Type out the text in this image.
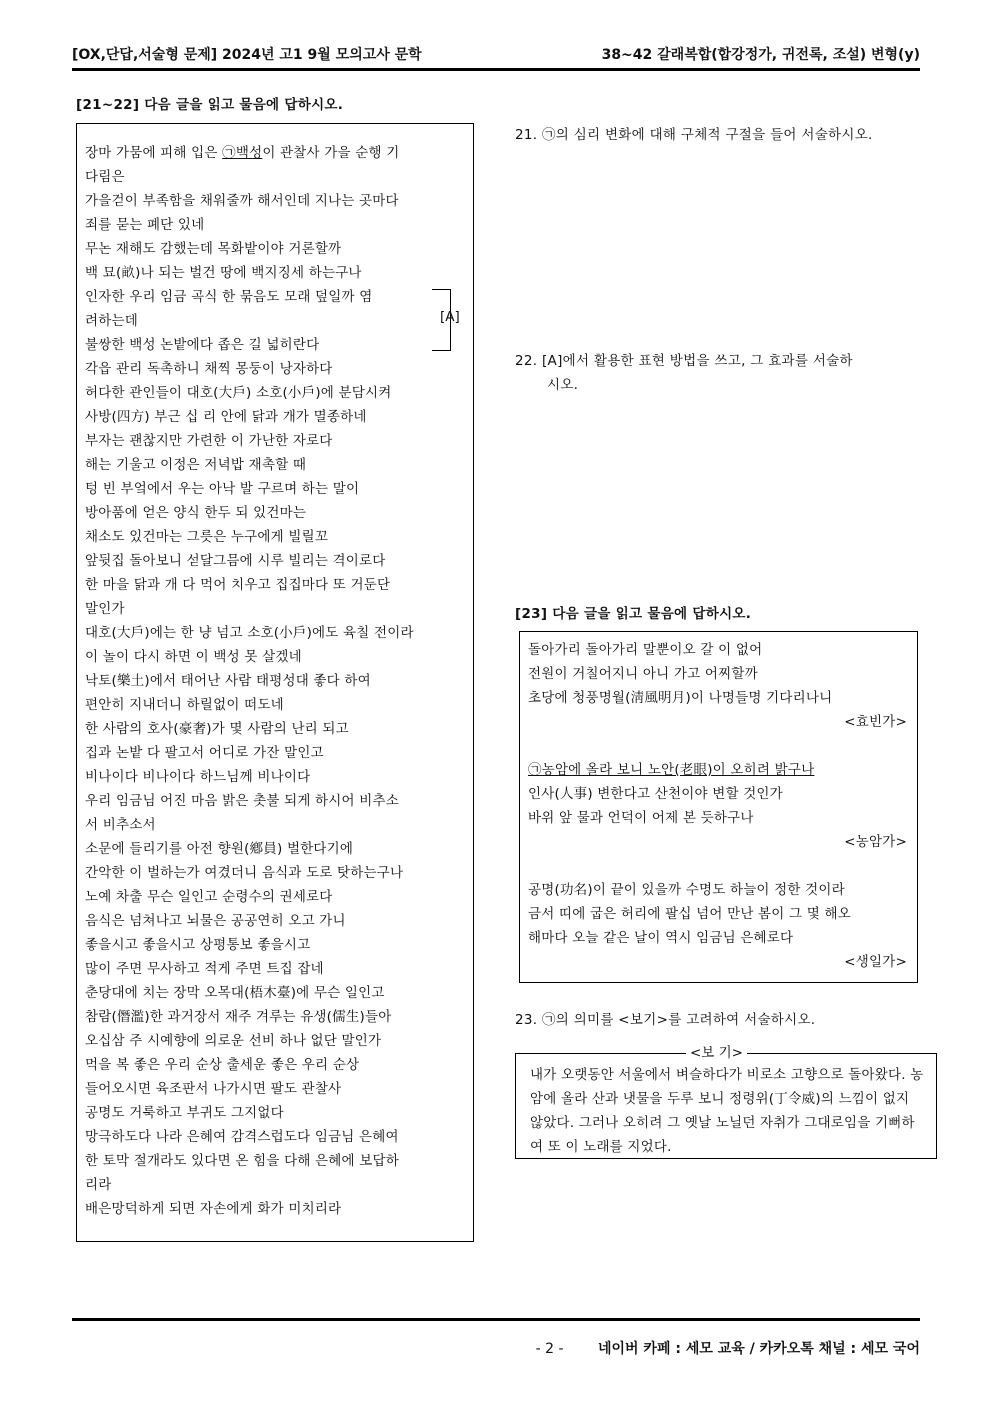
[OX,단답,서술형 문제] 2024년 고1 9월 모의고사 문학	38~42 갈래복합(합강정가, 귀전록, 조설) 변형(y)
[21~22] 다음 글을 읽고 물음에 답하시오.
장마 가뭄에 피해 입은 ㉠백성이 관찰사 가을 순행 기
다림은
가을걷이 부족함을 채워줄까 해서인데 지나는 곳마다
죄를 묻는 폐단 있네
무논 재해도 감했는데 목화밭이야 거론할까
백 묘(畝)나 되는 벌건 땅에 백지징세 하는구나
인자한 우리 임금 곡식 한 묶음도 모래 덮일까 염
려하는데
불쌍한 백성 논밭에다 좁은 길 넓히란다
각읍 관리 독촉하니 채찍 몽둥이 낭자하다
허다한 관인들이 대호(大戶) 소호(小戶)에 분담시켜
사방(四方) 부근 십 리 안에 닭과 개가 멸종하네
부자는 괜찮지만 가련한 이 가난한 자로다
해는 기울고 이정은 저녁밥 재촉할 때
텅 빈 부엌에서 우는 아낙 발 구르며 하는 말이
방아품에 얻은 양식 한두 되 있건마는
채소도 있건마는 그릇은 누구에게 빌릴꼬
앞뒷집 돌아보니 섣달그믐에 시루 빌리는 격이로다
한 마을 닭과 개 다 먹어 치우고 집집마다 또 거둔단
말인가
대호(大戶)에는 한 냥 넘고 소호(小戶)에도 육칠 전이라
이 놀이 다시 하면 이 백성 못 살겠네
낙토(樂土)에서 태어난 사람 태평성대 좋다 하여
편안히 지내더니 하릴없이 떠도네
한 사람의 호사(豪奢)가 몇 사람의 난리 되고
집과 논밭 다 팔고서 어디로 가잔 말인고
비나이다 비나이다 하느님께 비나이다
우리 임금님 어진 마음 밝은 촛불 되게 하시어 비추소
서 비추소서
소문에 들리기를 아전 향원(鄕員) 벌한다기에
간악한 이 벌하는가 여겼더니 음식과 도로 탓하는구나
노예 차출 무슨 일인고 순령수의 권세로다
음식은 넘쳐나고 뇌물은 공공연히 오고 가니
좋을시고 좋을시고 상평통보 좋을시고
많이 주면 무사하고 적게 주면 트집 잡네
춘당대에 치는 장막 오목대(梧木臺)에 무슨 일인고
참람(僭濫)한 과거장서 재주 겨루는 유생(儒生)들아
오십삼 주 시예향에 의로운 선비 하나 없단 말인가
먹을 복 좋은 우리 순상 출세운 좋은 우리 순상
들어오시면 육조판서 나가시면 팔도 관찰사
공명도 거룩하고 부귀도 그지없다
망극하도다 나라 은혜여 감격스럽도다 임금님 은혜여
한 토막 절개라도 있다면 온 힘을 다해 은혜에 보답하
리라
배은망덕하게 되면 자손에게 화가 미치리라
[A]
21. ㉠의 심리 변화에 대해 구체적 구절을 들어 서술하시오.
22. [A]에서 활용한 표현 방법을 쓰고, 그 효과를 서술하
시오.
[23] 다음 글을 읽고 물음에 답하시오.
돌아가리 돌아가리 말뿐이오 갈 이 없어
전원이 거칠어지니 아니 가고 어찌할까
초당에 청풍명월(淸風明月)이 나명들명 기다리나니
<효빈가>
㉠농암에 올라 보니 노안(老眼)이 오히려 밝구나
인사(人事) 변한다고 산천이야 변할 것인가
바위 앞 물과 언덕이 어제 본 듯하구나
<농암가>
공명(功名)이 끝이 있을까 수명도 하늘이 정한 것이라
금서 띠에 굽은 허리에 팔십 넘어 만난 봄이 그 몇 해오
해마다 오늘 같은 날이 역시 임금님 은혜로다
<생일가>
23. ㉠의 의미를 <보기>를 고려하여 서술하시오.
<보 기>
내가 오랫동안 서울에서 벼슬하다가 비로소 고향으로 돌아왔다. 농암에 올라 산과 냇물을 두루 보니 정령위(丁令威)의 느낌이 없지 않았다. 그러나 오히려 그 옛날 노닐던 자취가 그대로임을 기뻐하여 또 이 노래를 지었다.
- 2 - 네이버 카페 : 세모 교육 / 카카오톡 채널 : 세모 국어
